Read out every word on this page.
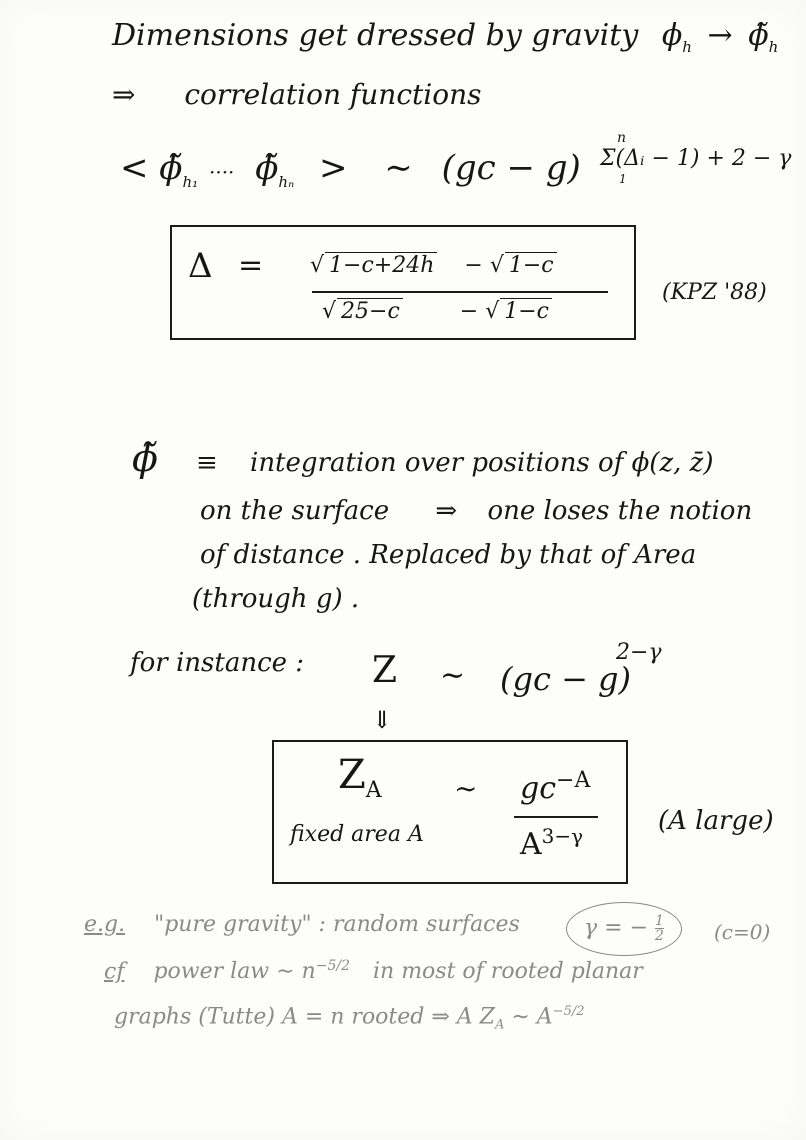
Dimensions get dressed by gravity $\phi_h$ → $\phĩ_h$
⇒ correlation functions
< $\phĩ_{h_1}$ ···· $\phĩ_{h_n}$ > ∼ (gc − g)
n
Σ(Δᵢ − 1) + 2 − γ
1
Δ = √ 1−c+24h − √ 1−c
√ 25−c	− √ 1−c
(KPZ '88)
ϕ̃ ≡ integration over positions of ϕ(z, z̄)
on the surface ⇒ one loses the notion
of distance . Replaced by that of Area
(through g) .
for instance : Z ∼ (gc − g)
2−γ
⇓
$Z_A$	∼ $gc^{-A}$
$A^{3-\gamma}$
fixed area A	(A large)
e.g. "pure gravity" : random surfaces	γ = − $\frac{1}{2}$	(c=0)
cf power law ∼ $n^{-5/2}$ in most of rooted planar
graphs (Tutte) A = n rooted ⇒ A $Z_A$ ∼ $A^{-5/2}$
